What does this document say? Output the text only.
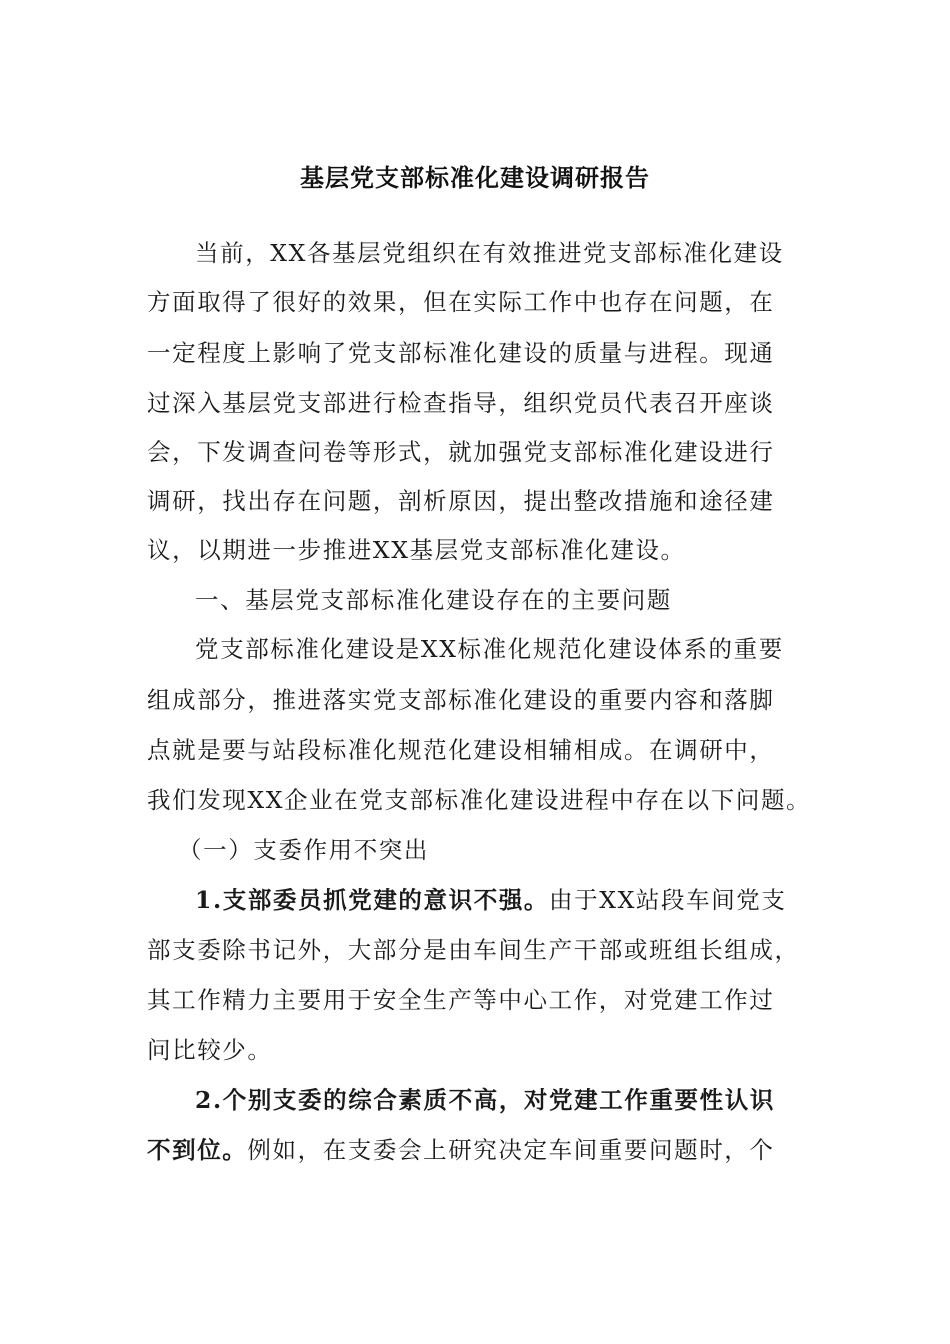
基层党支部标准化建设调研报告
当前，XX各基层党组织在有效推进党支部标准化建设
方面取得了很好的效果，但在实际工作中也存在问题，在
一定程度上影响了党支部标准化建设的质量与进程。现通
过深入基层党支部进行检查指导，组织党员代表召开座谈
会，下发调查问卷等形式，就加强党支部标准化建设进行
调研，找出存在问题，剖析原因，提出整改措施和途径建
议，以期进一步推进XX基层党支部标准化建设。
一、基层党支部标准化建设存在的主要问题
党支部标准化建设是XX标准化规范化建设体系的重要
组成部分，推进落实党支部标准化建设的重要内容和落脚
点就是要与站段标准化规范化建设相辅相成。在调研中，
我们发现XX企业在党支部标准化建设进程中存在以下问题。
（一）支委作用不突出
1.支部委员抓党建的意识不强。由于XX站段车间党支
部支委除书记外，大部分是由车间生产干部或班组长组成，
其工作精力主要用于安全生产等中心工作，对党建工作过
问比较少。
2.个别支委的综合素质不高，对党建工作重要性认识
不到位。例如，在支委会上研究决定车间重要问题时，个
